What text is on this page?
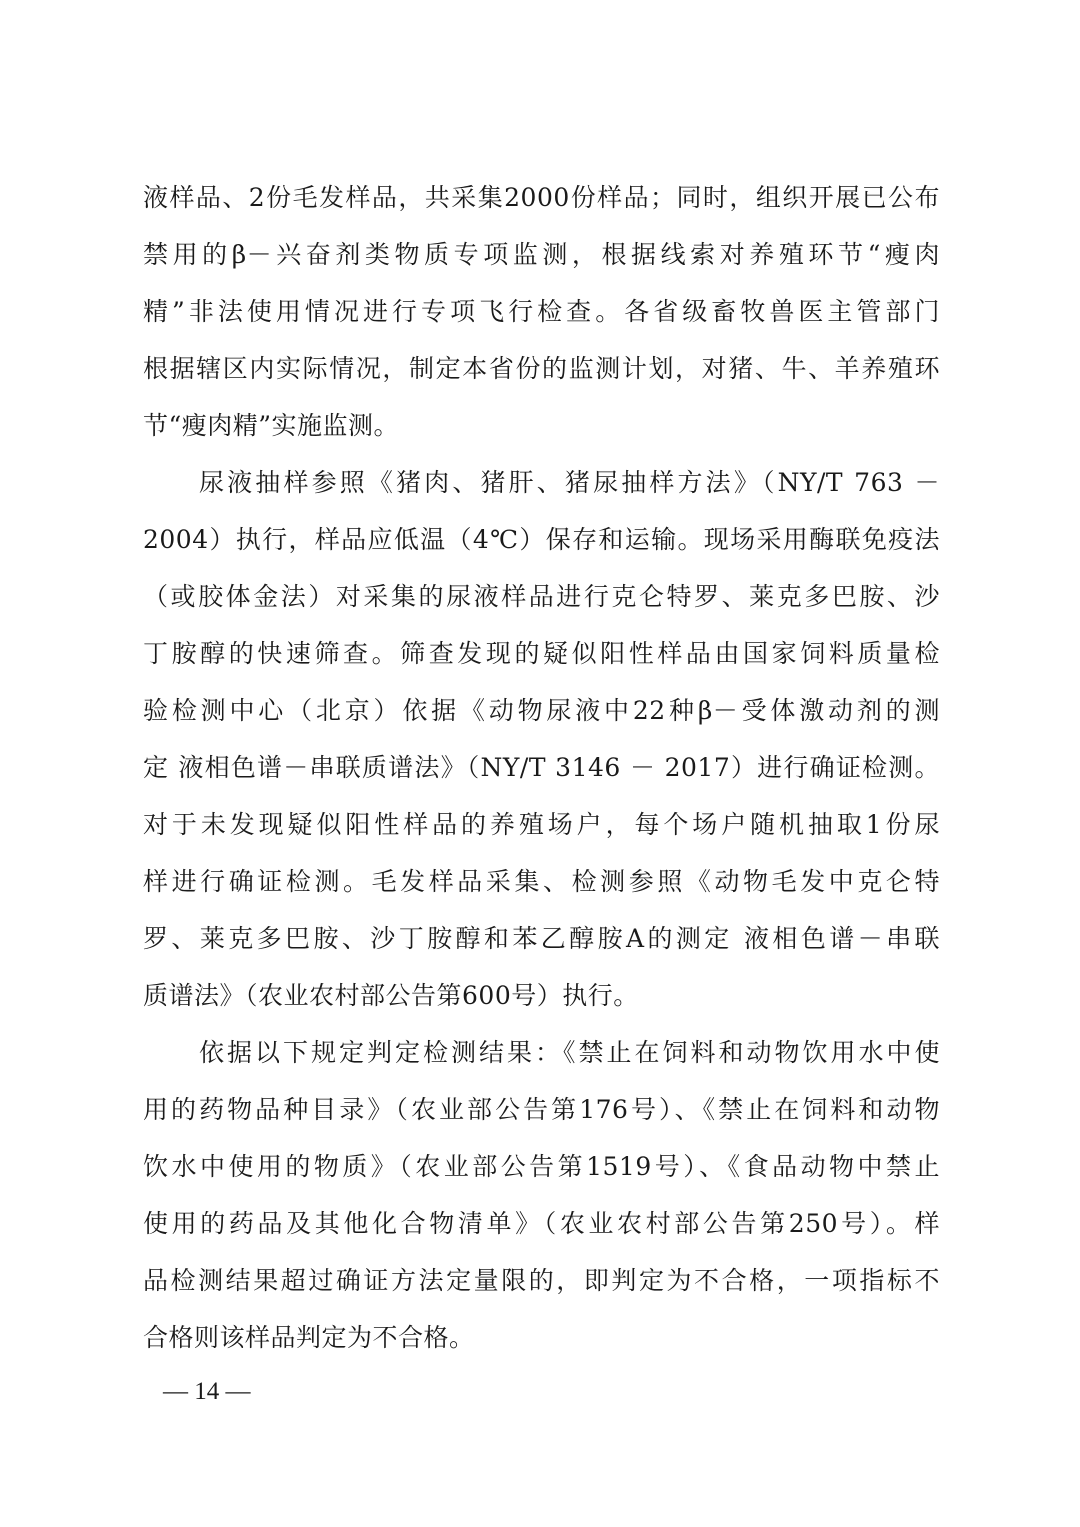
液样品、2份毛发样品，共采集2000份样品；同时，组织开展已公布
禁用的β－兴奋剂类物质专项监测，根据线索对养殖环节“瘦肉
精”非法使用情况进行专项飞行检查。各省级畜牧兽医主管部门
根据辖区内实际情况，制定本省份的监测计划，对猪、牛、羊养殖环
节“瘦肉精”实施监测。
尿液抽样参照《猪肉、猪肝、猪尿抽样方法》（NY/T 763 －
2004）执行，样品应低温（4℃）保存和运输。现场采用酶联免疫法
（或胶体金法）对采集的尿液样品进行克仑特罗、莱克多巴胺、沙
丁胺醇的快速筛查。筛查发现的疑似阳性样品由国家饲料质量检
验检测中心（北京）依据《动物尿液中22种β－受体激动剂的测
定 液相色谱－串联质谱法》（NY/T 3146 － 2017）进行确证检测。
对于未发现疑似阳性样品的养殖场户，每个场户随机抽取1份尿
样进行确证检测。毛发样品采集、检测参照《动物毛发中克仑特
罗、莱克多巴胺、沙丁胺醇和苯乙醇胺A的测定 液相色谱－串联
质谱法》（农业农村部公告第600号）执行。
依据以下规定判定检测结果：《禁止在饲料和动物饮用水中使
用的药物品种目录》（农业部公告第176号）、《禁止在饲料和动物
饮水中使用的物质》（农业部公告第1519号）、《食品动物中禁止
使用的药品及其他化合物清单》（农业农村部公告第250号）。样
品检测结果超过确证方法定量限的，即判定为不合格，一项指标不
合格则该样品判定为不合格。
— 14 —
